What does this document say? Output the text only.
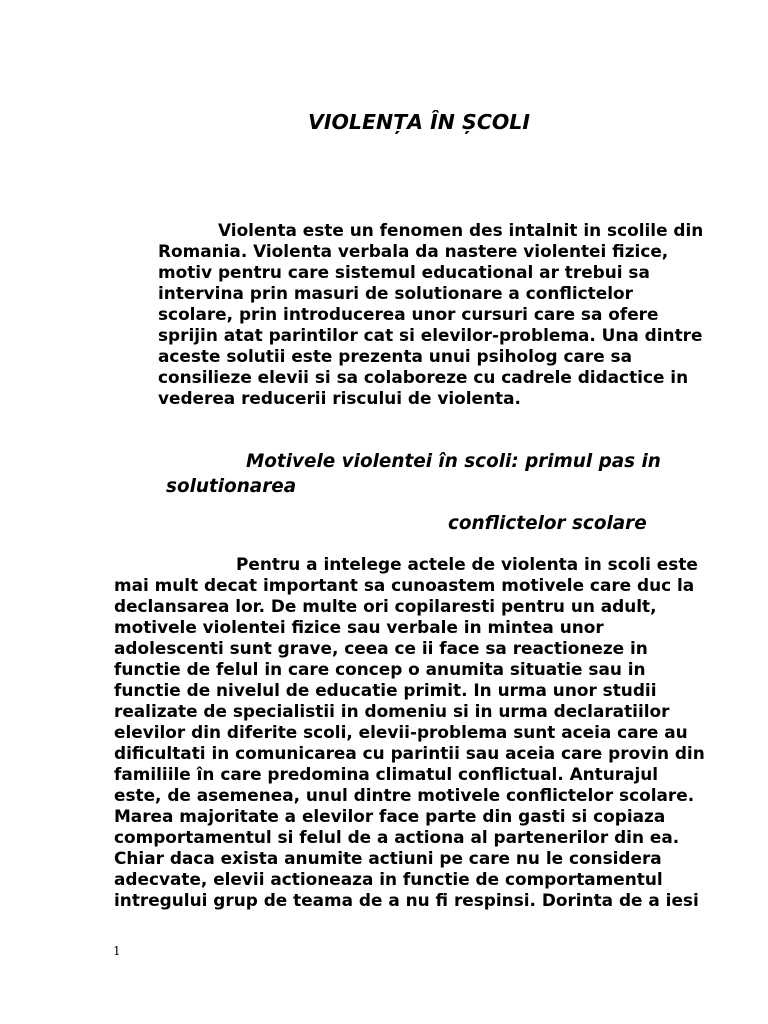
VIOLENȚA ÎN ȘCOLI
Violenta este un fenomen des intalnit in scolile din
Romania. Violenta verbala da nastere violentei fizice,
motiv pentru care sistemul educational ar trebui sa
intervina prin masuri de solutionare a conflictelor
scolare, prin introducerea unor cursuri care sa ofere
sprijin atat parintilor cat si elevilor-problema. Una dintre
aceste solutii este prezenta unui psiholog care sa
consilieze elevii si sa colaboreze cu cadrele didactice in
vederea reducerii riscului de violenta.
Motivele violentei în scoli: primul pas in
solutionarea
conflictelor scolare
Pentru a intelege actele de violenta in scoli este
mai mult decat important sa cunoastem motivele care duc la
declansarea lor. De multe ori copilaresti pentru un adult,
motivele violentei fizice sau verbale in mintea unor
adolescenti sunt grave, ceea ce ii face sa reactioneze in
functie de felul in care concep o anumita situatie sau in
functie de nivelul de educatie primit. In urma unor studii
realizate de specialistii in domeniu si in urma declaratiilor
elevilor din diferite scoli, elevii-problema sunt aceia care au
dificultati in comunicarea cu parintii sau aceia care provin din
familiile în care predomina climatul conflictual. Anturajul
este, de asemenea, unul dintre motivele conflictelor scolare.
Marea majoritate a elevilor face parte din gasti si copiaza
comportamentul si felul de a actiona al partenerilor din ea.
Chiar daca exista anumite actiuni pe care nu le considera
adecvate, elevii actioneaza in functie de comportamentul
intregului grup de teama de a nu fi respinsi. Dorinta de a iesi
1
